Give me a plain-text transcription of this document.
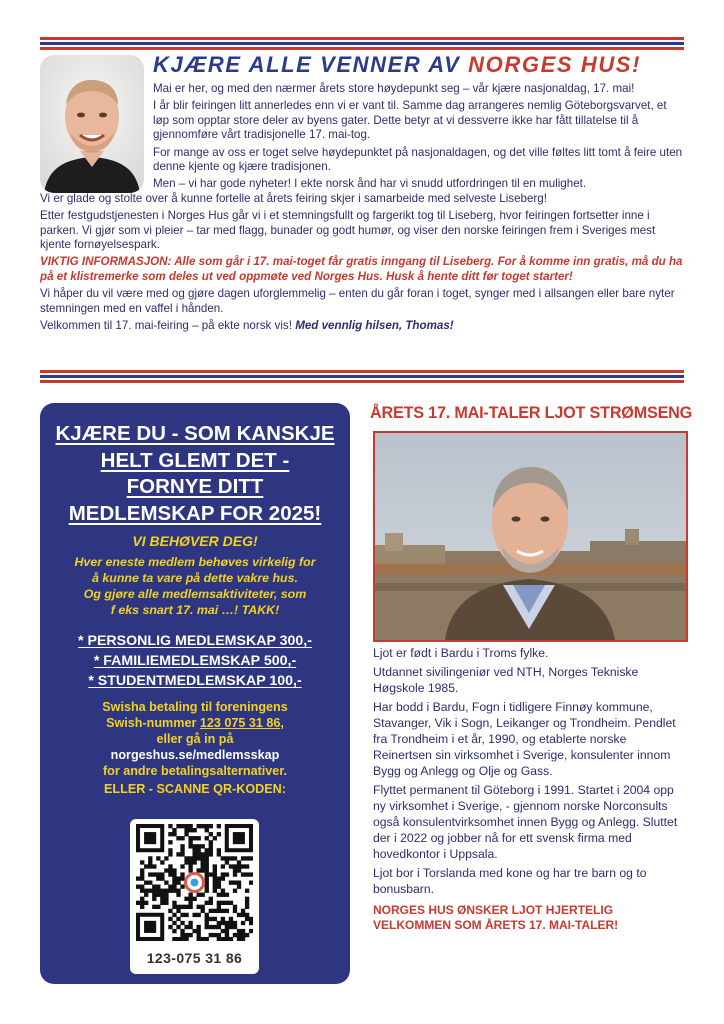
KJÆRE ALLE VENNER AV NORGES HUS!

Mai er her, og med den nærmer årets store høydepunkt seg – vår kjære nasjonaldag, 17. mai!

I år blir feiringen litt annerledes enn vi er vant til. Samme dag arrangeres nemlig Göteborgsvarvet, et løp som opptar store deler av byens gater. Dette betyr at vi dessverre ikke har fått tillatelse til å gjennomføre vårt tradisjonelle 17. mai-tog.

For mange av oss er toget selve høydepunktet på nasjonaldagen, og det ville føltes litt tomt å feire uten denne kjente og kjære tradisjonen.

Men – vi har gode nyheter! I ekte norsk ånd har vi snudd utfordringen til en mulighet.

Vi er glade og stolte over å kunne fortelle at årets feiring skjer i samarbeide med selveste Liseberg!

Etter festgudstjenesten i Norges Hus går vi i et stemningsfullt og fargerikt tog til Liseberg, hvor feiringen fortsetter inne i parken. Vi gjør som vi pleier – tar med flagg, bunader og godt humør, og viser den norske feiringen frem i Sveriges mest kjente fornøyelsespark.

VIKTIG INFORMASJON: Alle som går i 17. mai-toget får gratis inngang til Liseberg. For å komme inn gratis, må du ha på et klistremerke som deles ut ved oppmøte ved Norges Hus. Husk å hente ditt før toget starter!

Vi håper du vil være med og gjøre dagen uforglemmelig – enten du går foran i toget, synger med i allsangen eller bare nyter stemningen med en vaffel i hånden.

Velkommen til 17. mai-feiring – på ekte norsk vis! Med vennlig hilsen, Thomas!

KJÆRE DU - SOM KANSKJE
HELT GLEMT DET -
FORNYE DITT
MEDLEMSKAP FOR 2025!
VI BEHØVER DEG!
Hver eneste medlem behøves virkelig for
å kunne ta vare på dette vakre hus.
Og gjøre alle medlemsaktiviteter, som
f eks snart 17. mai …! TAKK!
* PERSONLIG MEDLEMSKAP 300,-
* FAMILIEMEDLEMSKAP 500,-
* STUDENTMEDLEMSKAP 100,-
Swisha betaling til foreningens
Swish-nummer 123 075 31 86,
eller gå in på
norgeshus.se/medlemsskap
for andre betalingsalternativer.
ELLER - SCANNE QR-KODEN:
123-075 31 86
ÅRETS 17. MAI-TALER LJOT STRØMSENG

Ljot er født i Bardu i Troms fylke.

Utdannet sivilingeniør ved NTH, Norges Tekniske Høgskole 1985.

Har bodd i Bardu, Fogn i tidligere Finnøy kommune, Stavanger, Vik i Sogn, Leikanger og Trondheim. Pendlet fra Trondheim i et år, 1990, og etablerte norske Reinertsen sin virksomhet i Sverige, konsulenter innom Bygg og Anlegg og Olje og Gass.

Flyttet permanent til Göteborg i 1991. Startet i 2004 opp ny virksomhet i Sverige, - gjennom norske Norconsults også konsulentvirksomhet innen Bygg og Anlegg. Sluttet der i 2022 og jobber nå for ett svensk firma med hovedkontor i Uppsala.

Ljot bor i Torslanda med kone og har tre barn og to bonusbarn.

NORGES HUS ØNSKER LJOT HJERTELIG VELKOMMEN SOM ÅRETS 17. MAI-TALER!
